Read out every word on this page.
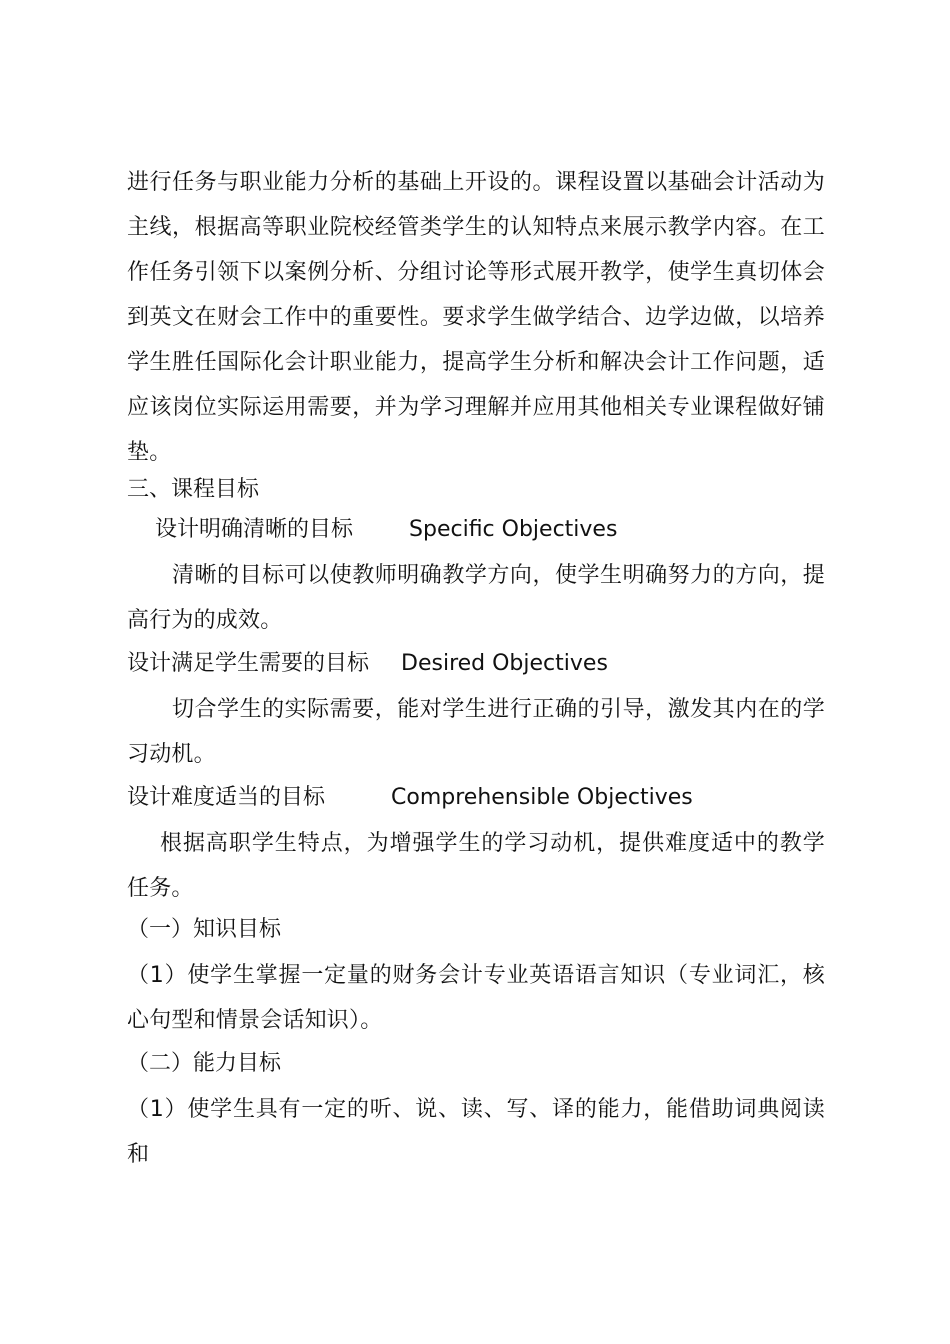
进行任务与职业能力分析的基础上开设的。课程设置以基础会计活动为主线，根据高等职业院校经管类学生的认知特点来展示教学内容。在工作任务引领下以案例分析、分组讨论等形式展开教学，使学生真切体会到英文在财会工作中的重要性。要求学生做学结合、边学边做，以培养学生胜任国际化会计职业能力，提高学生分析和解决会计工作问题，适应该岗位实际运用需要，并为学习理解并应用其他相关专业课程做好铺垫。

三、课程目标

设计明确清晰的目标	Specific Objectives

清晰的目标可以使教师明确教学方向，使学生明确努力的方向，提高行为的成效。

设计满足学生需要的目标 Desired Objectives

切合学生的实际需要，能对学生进行正确的引导，激发其内在的学习动机。

设计难度适当的目标	Comprehensible Objectives

根据高职学生特点，为增强学生的学习动机，提供难度适中的教学任务。

（一）知识目标

（1）使学生掌握一定量的财务会计专业英语语言知识（专业词汇，核心句型和情景会话知识）。

（二）能力目标

（1）使学生具有一定的听、说、读、写、译的能力，能借助词典阅读和
